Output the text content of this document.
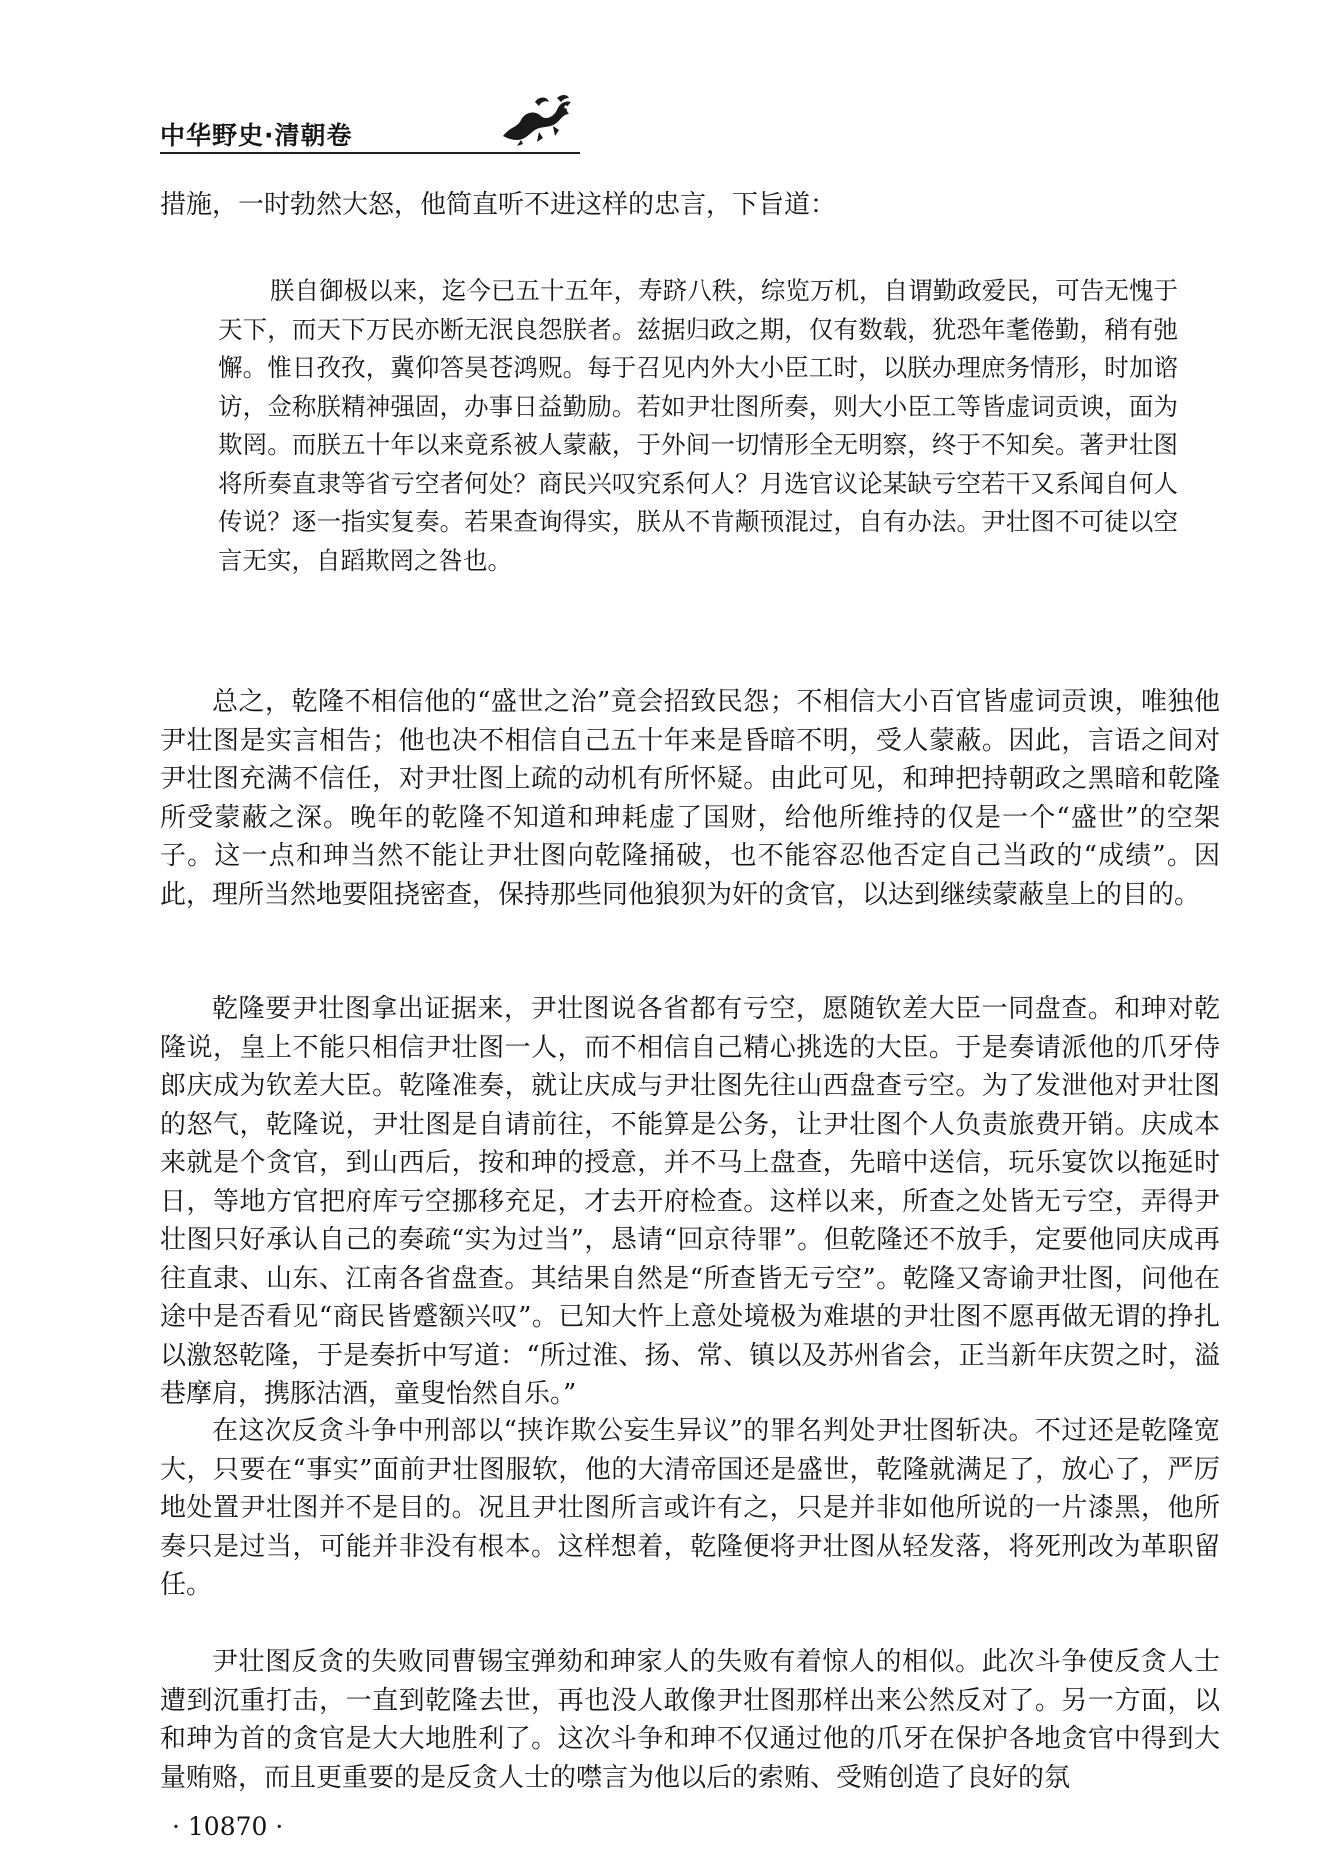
中华野史·清朝卷

措施，一时勃然大怒，他简直听不进这样的忠言，下旨道：

朕自御极以来，迄今已五十五年，寿跻八秩，综览万机，自谓勤政爱民，可告无愧于天下，而天下万民亦断无泯良怨朕者。兹据归政之期，仅有数载，犹恐年耄倦勤，稍有弛懈。惟日孜孜，冀仰答昊苍鸿贶。每于召见内外大小臣工时，以朕办理庶务情形，时加谘访，佥称朕精神强固，办事日益勤励。若如尹壮图所奏，则大小臣工等皆虚词贡谀，面为欺罔。而朕五十年以来竟系被人蒙蔽，于外间一切情形全无明察，终于不知矣。著尹壮图将所奏直隶等省亏空者何处？商民兴叹究系何人？月选官议论某缺亏空若干又系闻自何人传说？逐一指实复奏。若果查询得实，朕从不肯颟顸混过，自有办法。尹壮图不可徒以空言无实，自蹈欺罔之咎也。

总之，乾隆不相信他的“盛世之治”竟会招致民怨；不相信大小百官皆虚词贡谀，唯独他尹壮图是实言相告；他也决不相信自己五十年来是昏暗不明，受人蒙蔽。因此，言语之间对尹壮图充满不信任，对尹壮图上疏的动机有所怀疑。由此可见，和珅把持朝政之黑暗和乾隆所受蒙蔽之深。晚年的乾隆不知道和珅耗虚了国财，给他所维持的仅是一个“盛世”的空架子。这一点和珅当然不能让尹壮图向乾隆捅破，也不能容忍他否定自己当政的“成绩”。因此，理所当然地要阻挠密查，保持那些同他狼狈为奸的贪官，以达到继续蒙蔽皇上的目的。

乾隆要尹壮图拿出证据来，尹壮图说各省都有亏空，愿随钦差大臣一同盘查。和珅对乾隆说，皇上不能只相信尹壮图一人，而不相信自己精心挑选的大臣。于是奏请派他的爪牙侍郎庆成为钦差大臣。乾隆准奏，就让庆成与尹壮图先往山西盘查亏空。为了发泄他对尹壮图的怒气，乾隆说，尹壮图是自请前往，不能算是公务，让尹壮图个人负责旅费开销。庆成本来就是个贪官，到山西后，按和珅的授意，并不马上盘查，先暗中送信，玩乐宴饮以拖延时日，等地方官把府库亏空挪移充足，才去开府检查。这样以来，所查之处皆无亏空，弄得尹壮图只好承认自己的奏疏“实为过当”，恳请“回京待罪”。但乾隆还不放手，定要他同庆成再往直隶、山东、江南各省盘查。其结果自然是“所查皆无亏空”。乾隆又寄谕尹壮图，问他在途中是否看见“商民皆蹙额兴叹”。已知大忤上意处境极为难堪的尹壮图不愿再做无谓的挣扎以激怒乾隆，于是奏折中写道：“所过淮、扬、常、镇以及苏州省会，正当新年庆贺之时，溢巷摩肩，携豚沽酒，童叟怡然自乐。”

在这次反贪斗争中刑部以“挟诈欺公妄生异议”的罪名判处尹壮图斩决。不过还是乾隆宽大，只要在“事实”面前尹壮图服软，他的大清帝国还是盛世，乾隆就满足了，放心了，严厉地处置尹壮图并不是目的。况且尹壮图所言或许有之，只是并非如他所说的一片漆黑，他所奏只是过当，可能并非没有根本。这样想着，乾隆便将尹壮图从轻发落，将死刑改为革职留任。

尹壮图反贪的失败同曹锡宝弹劾和珅家人的失败有着惊人的相似。此次斗争使反贪人士遭到沉重打击，一直到乾隆去世，再也没人敢像尹壮图那样出来公然反对了。另一方面，以和珅为首的贪官是大大地胜利了。这次斗争和珅不仅通过他的爪牙在保护各地贪官中得到大量贿赂，而且更重要的是反贪人士的噤言为他以后的索贿、受贿创造了良好的氛

· 10870 ·
